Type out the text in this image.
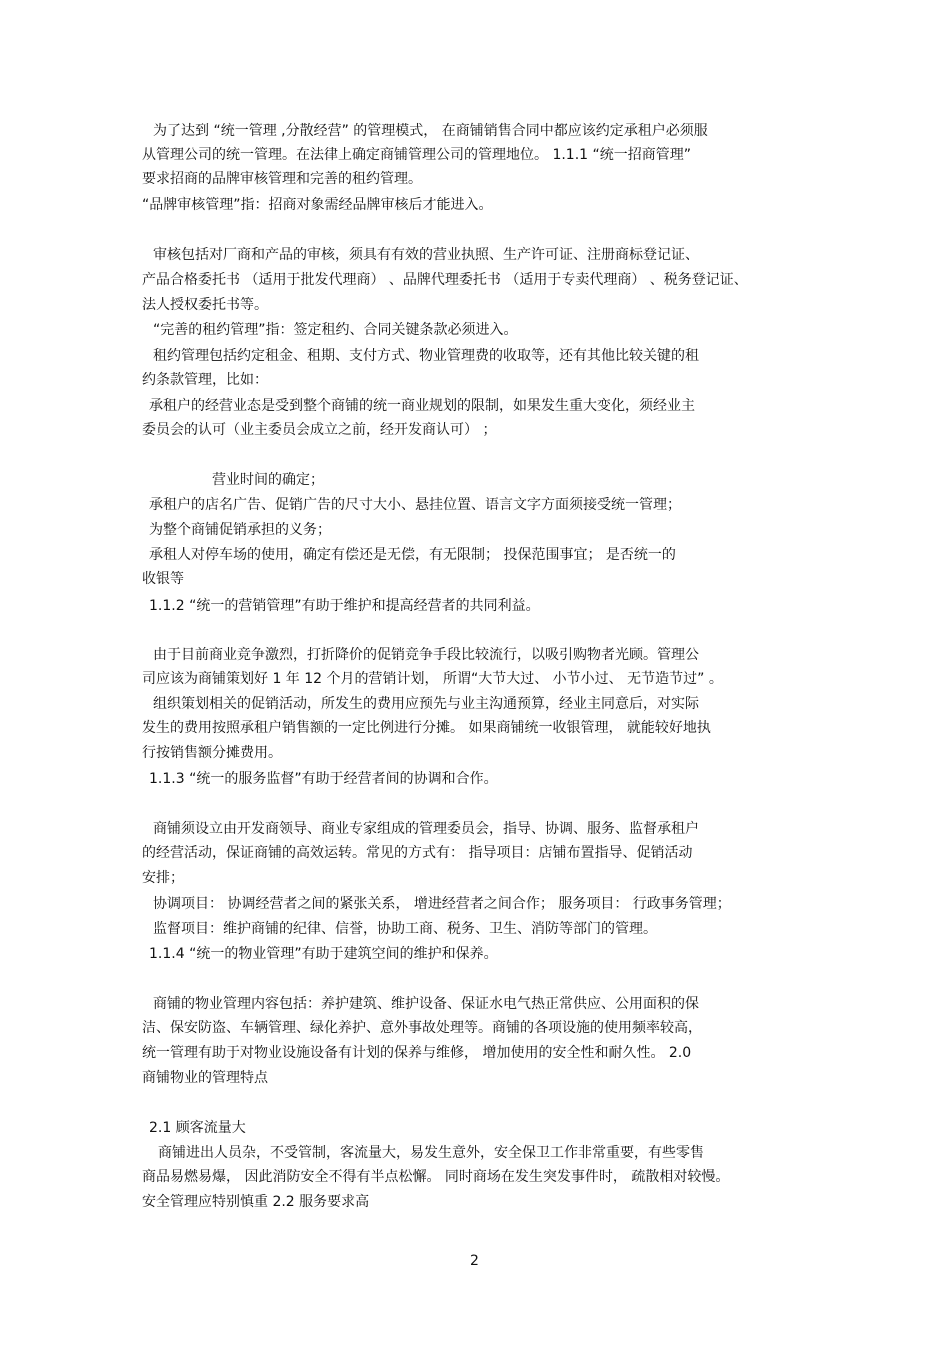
为了达到 “统一管理 ,分散经营” 的管理模式， 在商铺销售合同中都应该约定承租户必须服
从管理公司的统一管理。在法律上确定商铺管理公司的管理地位。 1.1.1 “统一招商管理”
要求招商的品牌审核管理和完善的租约管理。
“品牌审核管理”指：招商对象需经品牌审核后才能进入。
审核包括对厂商和产品的审核，须具有有效的营业执照、生产许可证、注册商标登记证、
产品合格委托书 （适用于批发代理商） 、品牌代理委托书 （适用于专卖代理商） 、税务登记证、
法人授权委托书等。
“完善的租约管理”指：签定租约、合同关键条款必须进入。
租约管理包括约定租金、租期、支付方式、物业管理费的收取等，还有其他比较关键的租
约条款管理，比如：
承租户的经营业态是受到整个商铺的统一商业规划的限制，如果发生重大变化，须经业主
委员会的认可（业主委员会成立之前，经开发商认可） ；
营业时间的确定；
承租户的店名广告、促销广告的尺寸大小、悬挂位置、语言文字方面须接受统一管理；
为整个商铺促销承担的义务；
承租人对停车场的使用，确定有偿还是无偿，有无限制； 投保范围事宜； 是否统一的
收银等
1.1.2 “统一的营销管理”有助于维护和提高经营者的共同利益。
由于目前商业竞争激烈，打折降价的促销竞争手段比较流行，以吸引购物者光顾。管理公
司应该为商铺策划好 1 年 12 个月的营销计划， 所谓“大节大过、 小节小过、 无节造节过” 。
组织策划相关的促销活动，所发生的费用应预先与业主沟通预算，经业主同意后，对实际
发生的费用按照承租户销售额的一定比例进行分摊。 如果商铺统一收银管理， 就能较好地执
行按销售额分摊费用。
1.1.3 “统一的服务监督”有助于经营者间的协调和合作。
商铺须设立由开发商领导、商业专家组成的管理委员会，指导、协调、服务、监督承租户
的经营活动，保证商铺的高效运转。常见的方式有： 指导项目：店铺布置指导、促销活动
安排；
协调项目： 协调经营者之间的紧张关系， 增进经营者之间合作； 服务项目： 行政事务管理；
监督项目：维护商铺的纪律、信誉，协助工商、税务、卫生、消防等部门的管理。
1.1.4 “统一的物业管理”有助于建筑空间的维护和保养。
商铺的物业管理内容包括：养护建筑、维护设备、保证水电气热正常供应、公用面积的保
洁、保安防盗、车辆管理、绿化养护、意外事故处理等。商铺的各项设施的使用频率较高，
统一管理有助于对物业设施设备有计划的保养与维修， 增加使用的安全性和耐久性。 2.0
商铺物业的管理特点
2.1 顾客流量大
商铺进出人员杂，不受管制，客流量大，易发生意外，安全保卫工作非常重要，有些零售
商品易燃易爆， 因此消防安全不得有半点松懈。 同时商场在发生突发事件时， 疏散相对较慢。
安全管理应特别慎重 2.2 服务要求高
2
